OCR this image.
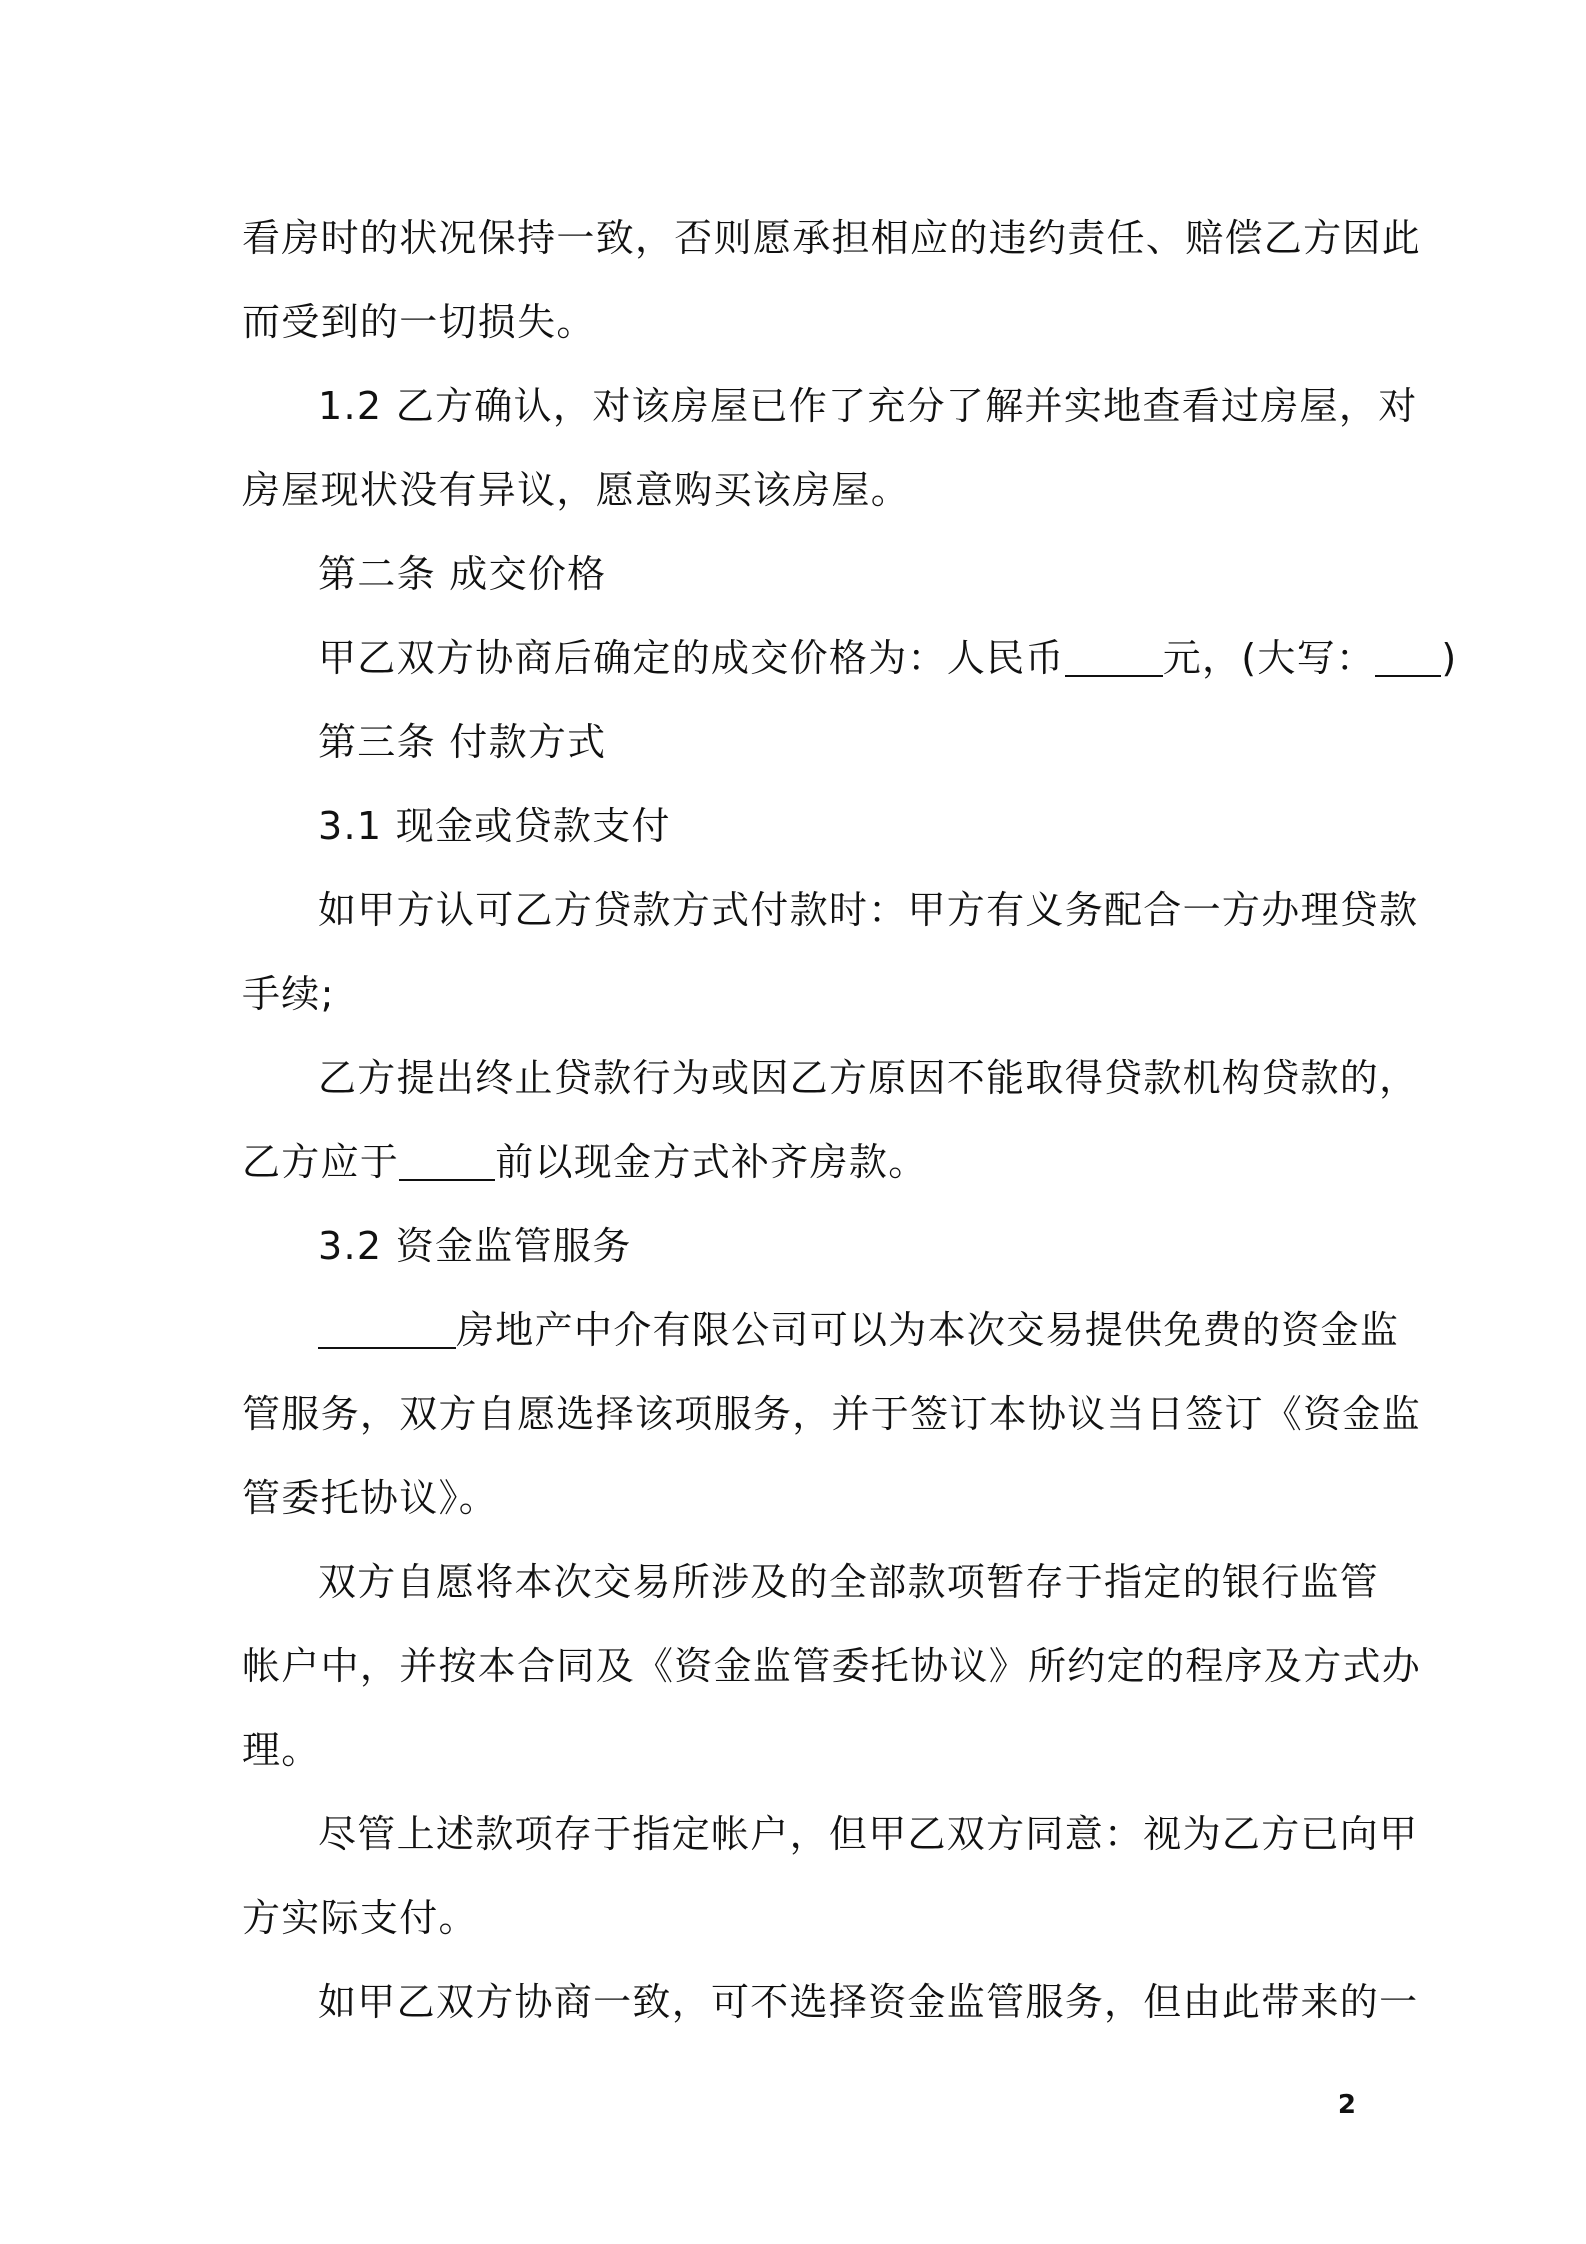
看房时的状况保持一致，否则愿承担相应的违约责任、赔偿乙方因此
而受到的一切损失。
1.2 乙方确认，对该房屋已作了充分了解并实地查看过房屋，对
房屋现状没有异议，愿意购买该房屋。
第二条 成交价格
甲乙双方协商后确定的成交价格为：人民币	元，(大写： )
第三条 付款方式
3.1 现金或贷款支付
如甲方认可乙方贷款方式付款时：甲方有义务配合一方办理贷款
手续;
乙方提出终止贷款行为或因乙方原因不能取得贷款机构贷款的，
乙方应于	前以现金方式补齐房款。
3.2 资金监管服务
房地产中介有限公司可以为本次交易提供免费的资金监
管服务，双方自愿选择该项服务，并于签订本协议当日签订《资金监
管委托协议》。
双方自愿将本次交易所涉及的全部款项暂存于指定的银行监管
帐户中，并按本合同及《资金监管委托协议》所约定的程序及方式办
理。
尽管上述款项存于指定帐户，但甲乙双方同意：视为乙方已向甲
方实际支付。
如甲乙双方协商一致，可不选择资金监管服务，但由此带来的一
2
